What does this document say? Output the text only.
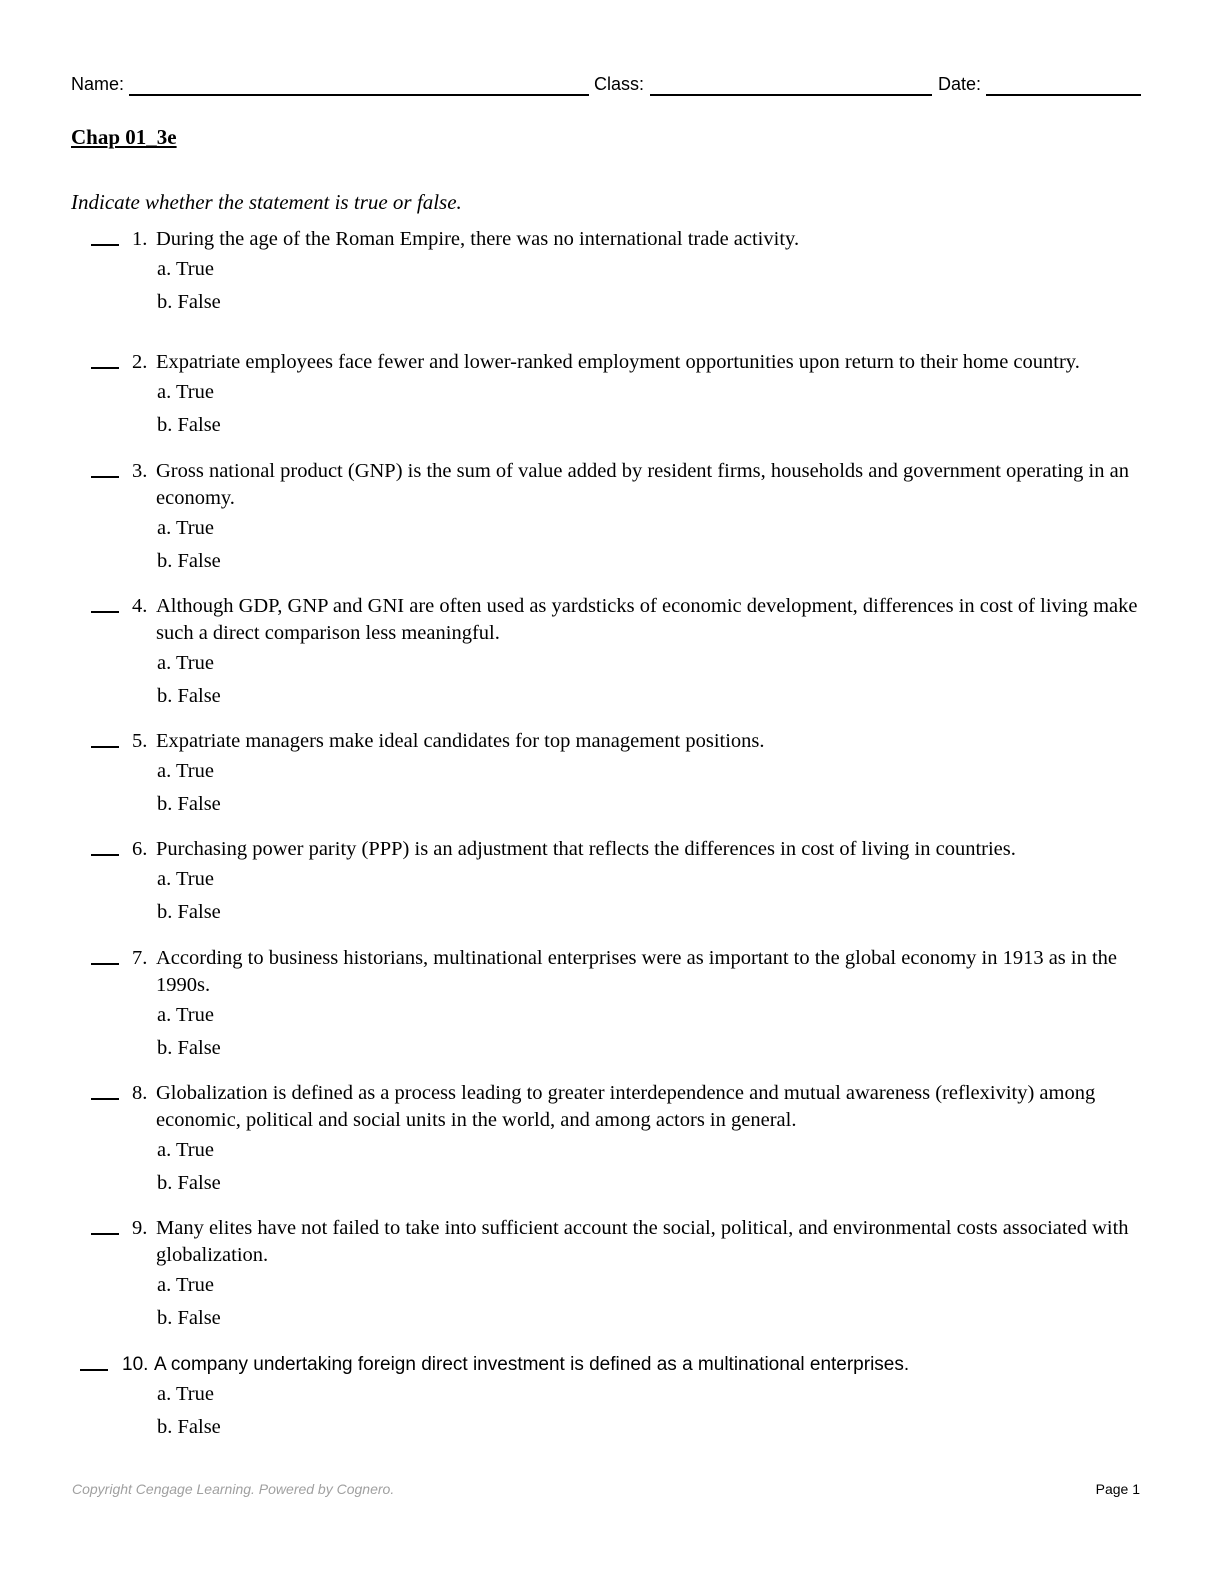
Name:	Class:	Date:
Chap 01_3e
Indicate whether the statement is true or false.
1. During the age of the Roman Empire, there was no international trade activity.
a. True
b. False
2. Expatriate employees face fewer and lower-ranked employment opportunities upon return to their home country.
a. True
b. False
3. Gross national product (GNP) is the sum of value added by resident firms, households and government operating in an economy.
a. True
b. False
4. Although GDP, GNP and GNI are often used as yardsticks of economic development, differences in cost of living make such a direct comparison less meaningful.
a. True
b. False
5. Expatriate managers make ideal candidates for top management positions.
a. True
b. False
6. Purchasing power parity (PPP) is an adjustment that reflects the differences in cost of living in countries.
a. True
b. False
7. According to business historians, multinational enterprises were as important to the global economy in 1913 as in the 1990s.
a. True
b. False
8. Globalization is defined as a process leading to greater interdependence and mutual awareness (reflexivity) among economic, political and social units in the world, and among actors in general.
a. True
b. False
9. Many elites have not failed to take into sufficient account the social, political, and environmental costs associated with globalization.
a. True
b. False
10. A company undertaking foreign direct investment is defined as a multinational enterprises.
a. True
b. False
Copyright Cengage Learning. Powered by Cognero.	Page 1
